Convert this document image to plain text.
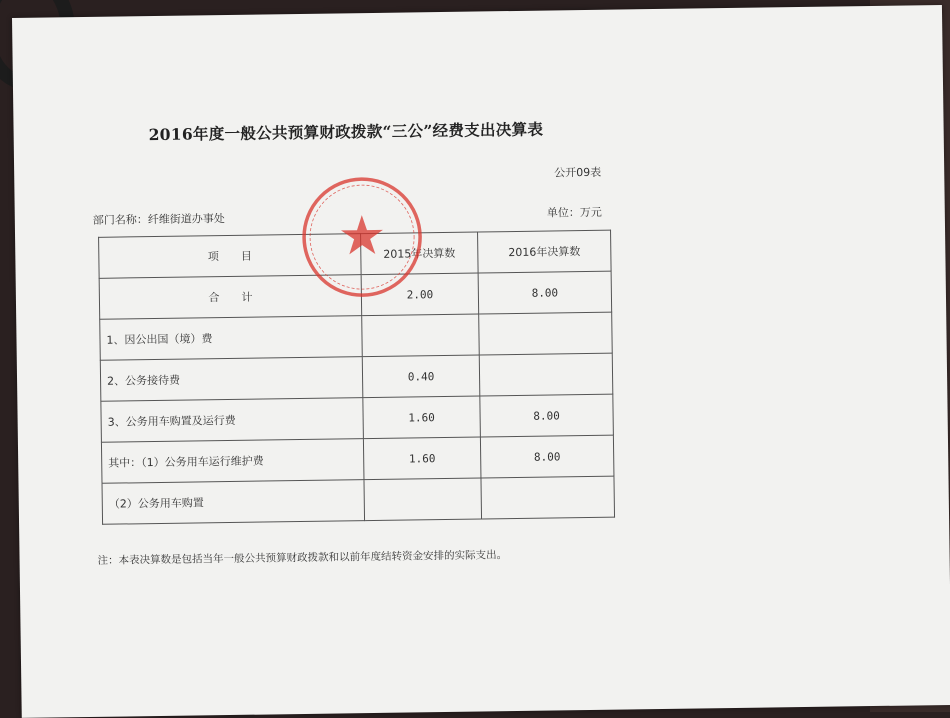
2016年度一般公共预算财政拨款“三公”经费支出决算表
公开09表
部门名称：纤维街道办事处	单位：万元
项　　目	2015年决算数	2016年决算数
合　　计	2.00	8.00
1、因公出国（境）费		
2、公务接待费	0.40	
3、公务用车购置及运行费	1.60	8.00
其中：（1）公务用车运行维护费	1.60	8.00
（2）公务用车购置		
注：本表决算数是包括当年一般公共预算财政拨款和以前年度结转资金安排的实际支出。
